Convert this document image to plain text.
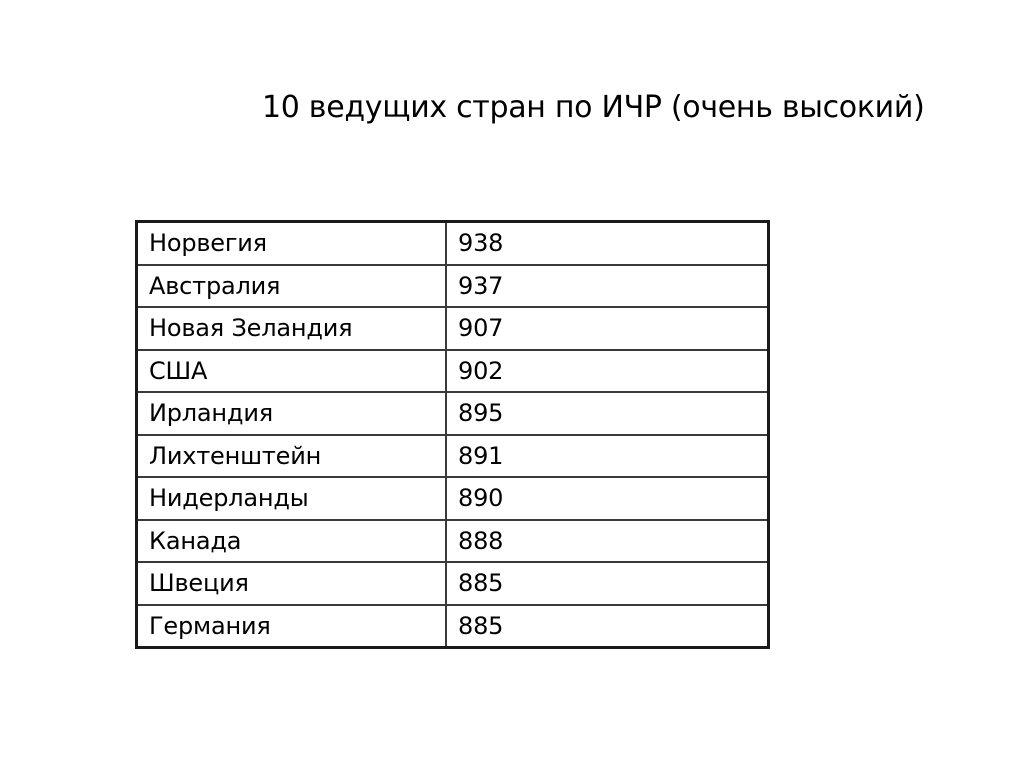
10 ведущих стран по ИЧР (очень высокий)
Норвегия	938
Австралия	937
Новая Зеландия	907
США	902
Ирландия	895
Лихтенштейн	891
Нидерланды	890
Канада	888
Швеция	885
Германия	885
